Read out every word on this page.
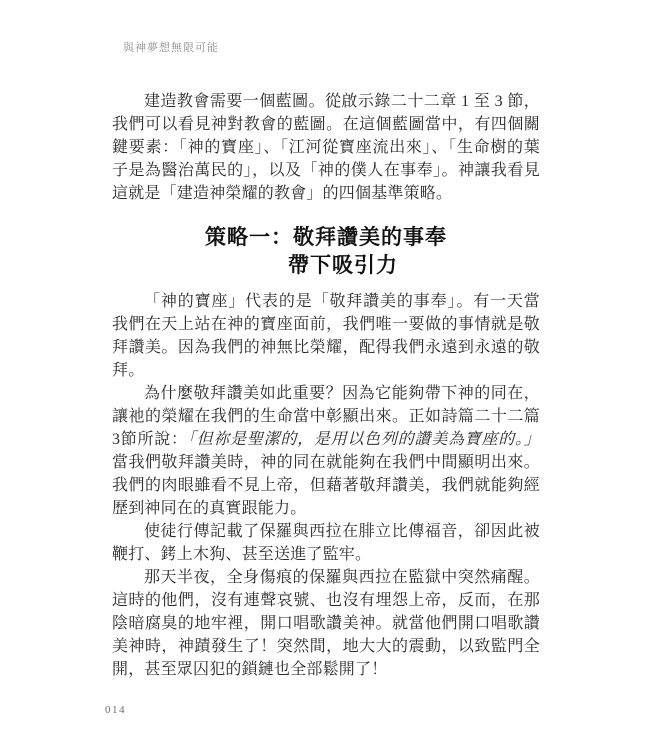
與神夢想無限可能

建造教會需要一個藍圖。從啟示錄二十二章 1 至 3 節，我們可以看見神對教會的藍圖。在這個藍圖當中，有四個關鍵要素：「神的寶座」、「江河從寶座流出來」、「生命樹的葉子是為醫治萬民的」，以及「神的僕人在事奉」。神讓我看見這就是「建造神榮耀的教會」的四個基準策略。

策略一：敬拜讚美的事奉
帶下吸引力

「神的寶座」代表的是「敬拜讚美的事奉」。有一天當我們在天上站在神的寶座面前，我們唯一要做的事情就是敬拜讚美。因為我們的神無比榮耀，配得我們永遠到永遠的敬拜。

為什麼敬拜讚美如此重要？因為它能夠帶下神的同在，讓祂的榮耀在我們的生命當中彰顯出來。正如詩篇二十二篇3節所說：「但祢是聖潔的，是用以色列的讚美為寶座的。」當我們敬拜讚美時，神的同在就能夠在我們中間顯明出來。我們的肉眼雖看不見上帝，但藉著敬拜讚美，我們就能夠經歷到神同在的真實跟能力。

使徒行傳記載了保羅與西拉在腓立比傳福音，卻因此被鞭打、銬上木狗、甚至送進了監牢。

那天半夜，全身傷痕的保羅與西拉在監獄中突然痛醒。這時的他們，沒有連聲哀號、也沒有埋怨上帝，反而，在那陰暗腐臭的地牢裡，開口唱歌讚美神。就當他們開口唱歌讚美神時，神蹟發生了！突然間，地大大的震動，以致監門全開，甚至眾囚犯的鎖鏈也全部鬆開了！

014
